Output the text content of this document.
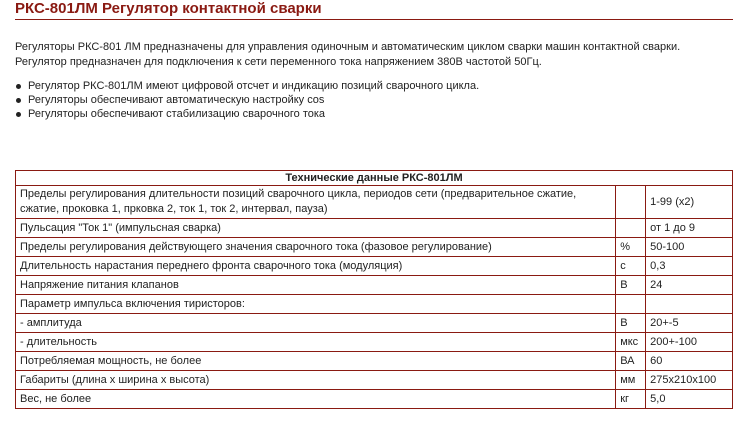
РКС-801ЛМ Регулятор контактной сварки

Регуляторы РКС-801 ЛМ предназначены для управления одиночным и автоматическим циклом сварки машин контактной сварки.

Регулятор предназначен для подключения к сети переменного тока напряжением 380В частотой 50Гц.

Регулятор РКС-801ЛМ имеют цифровой отсчет и индикацию позиций сварочного цикла.
Регуляторы обеспечивают автоматическую настройку cos
Регуляторы обеспечивают стабилизацию сварочного тока
Технические данные РКС-801ЛМ		
Пределы регулирования длительности позиций сварочного цикла, периодов сети (предварительное сжатие, сжатие, проковка 1, прковка 2, ток 1, ток 2, интервал, пауза)		1-99 (х2)
Пульсация "Ток 1" (импульсная сварка)		от 1 до 9
Пределы регулирования действующего значения сварочного тока (фазовое регулирование)	%	50-100
Длительность нарастания переднего фронта сварочного тока (модуляция)	с	0,3
Напряжение питания клапанов	В	24
Параметр импульса включения тиристоров:		
- амплитуда	В	20+-5
- длительность	мкс	200+-100
Потребляемая мощность, не более	ВА	60
Габариты (длина х ширина х высота)	мм	275х210х100
Вес, не более	кг	5,0
